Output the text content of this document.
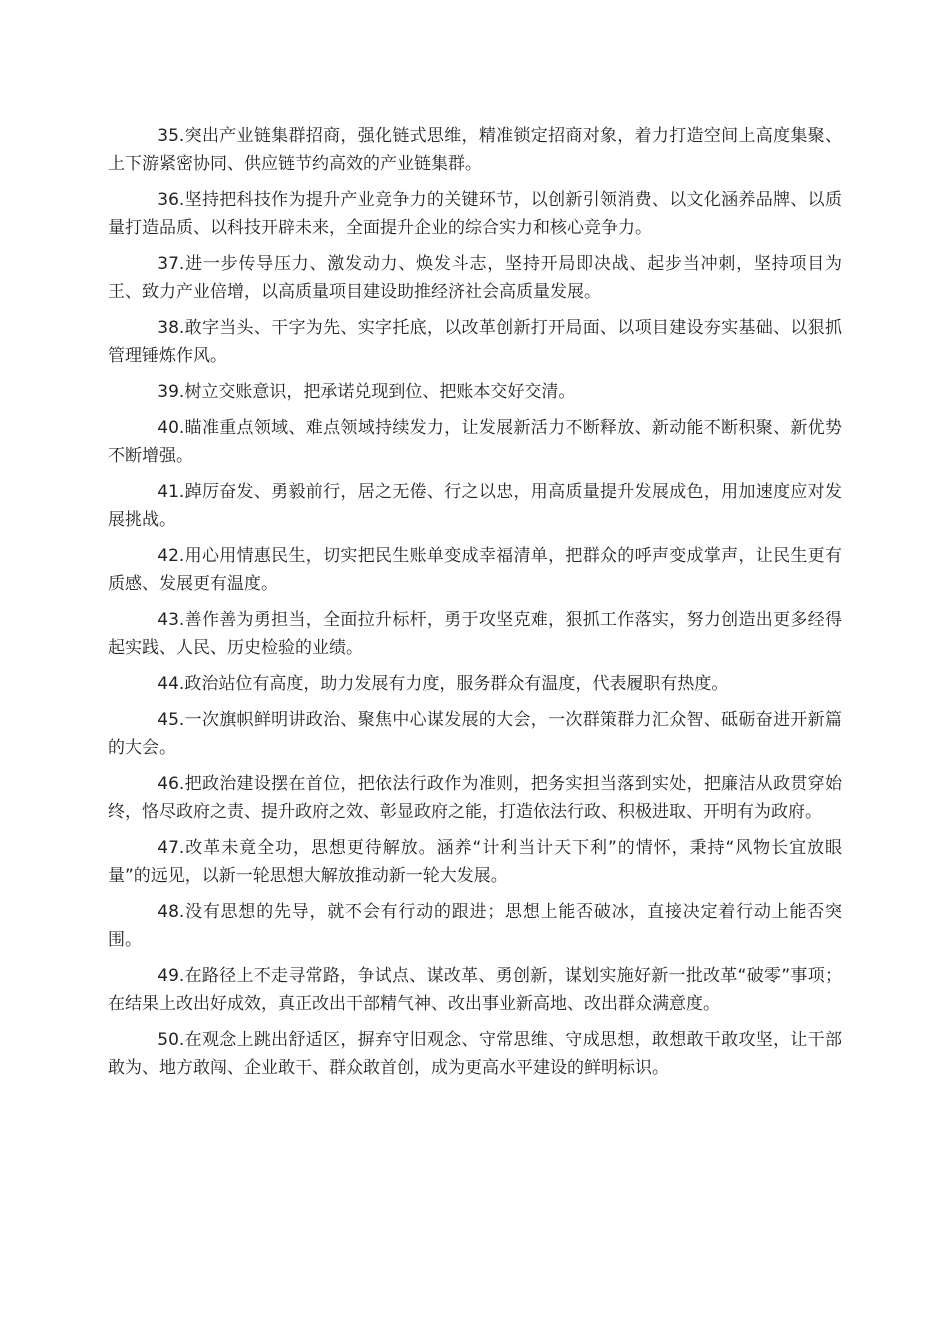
35.突出产业链集群招商，强化链式思维，精准锁定招商对象，着力打造空间上高度集聚、上下游紧密协同、供应链节约高效的产业链集群。

36.坚持把科技作为提升产业竞争力的关键环节，以创新引领消费、以文化涵养品牌、以质量打造品质、以科技开辟未来，全面提升企业的综合实力和核心竞争力。

37.进一步传导压力、激发动力、焕发斗志，坚持开局即决战、起步当冲刺，坚持项目为王、致力产业倍增，以高质量项目建设助推经济社会高质量发展。

38.敢字当头、干字为先、实字托底，以改革创新打开局面、以项目建设夯实基础、以狠抓管理锤炼作风。

39.树立交账意识，把承诺兑现到位、把账本交好交清。

40.瞄准重点领域、难点领域持续发力，让发展新活力不断释放、新动能不断积聚、新优势不断增强。

41.踔厉奋发、勇毅前行，居之无倦、行之以忠，用高质量提升发展成色，用加速度应对发展挑战。

42.用心用情惠民生，切实把民生账单变成幸福清单，把群众的呼声变成掌声，让民生更有质感、发展更有温度。

43.善作善为勇担当，全面拉升标杆，勇于攻坚克难，狠抓工作落实，努力创造出更多经得起实践、人民、历史检验的业绩。

44.政治站位有高度，助力发展有力度，服务群众有温度，代表履职有热度。

45.一次旗帜鲜明讲政治、聚焦中心谋发展的大会，一次群策群力汇众智、砥砺奋进开新篇的大会。

46.把政治建设摆在首位，把依法行政作为准则，把务实担当落到实处，把廉洁从政贯穿始终，恪尽政府之责、提升政府之效、彰显政府之能，打造依法行政、积极进取、开明有为政府。

47.改革未竟全功，思想更待解放。涵养“计利当计天下利”的情怀，秉持“风物长宜放眼量”的远见，以新一轮思想大解放推动新一轮大发展。

48.没有思想的先导，就不会有行动的跟进；思想上能否破冰，直接决定着行动上能否突围。

49.在路径上不走寻常路，争试点、谋改革、勇创新，谋划实施好新一批改革“破零”事项；在结果上改出好成效，真正改出干部精气神、改出事业新高地、改出群众满意度。

50.在观念上跳出舒适区，摒弃守旧观念、守常思维、守成思想，敢想敢干敢攻坚，让干部敢为、地方敢闯、企业敢干、群众敢首创，成为更高水平建设的鲜明标识。
